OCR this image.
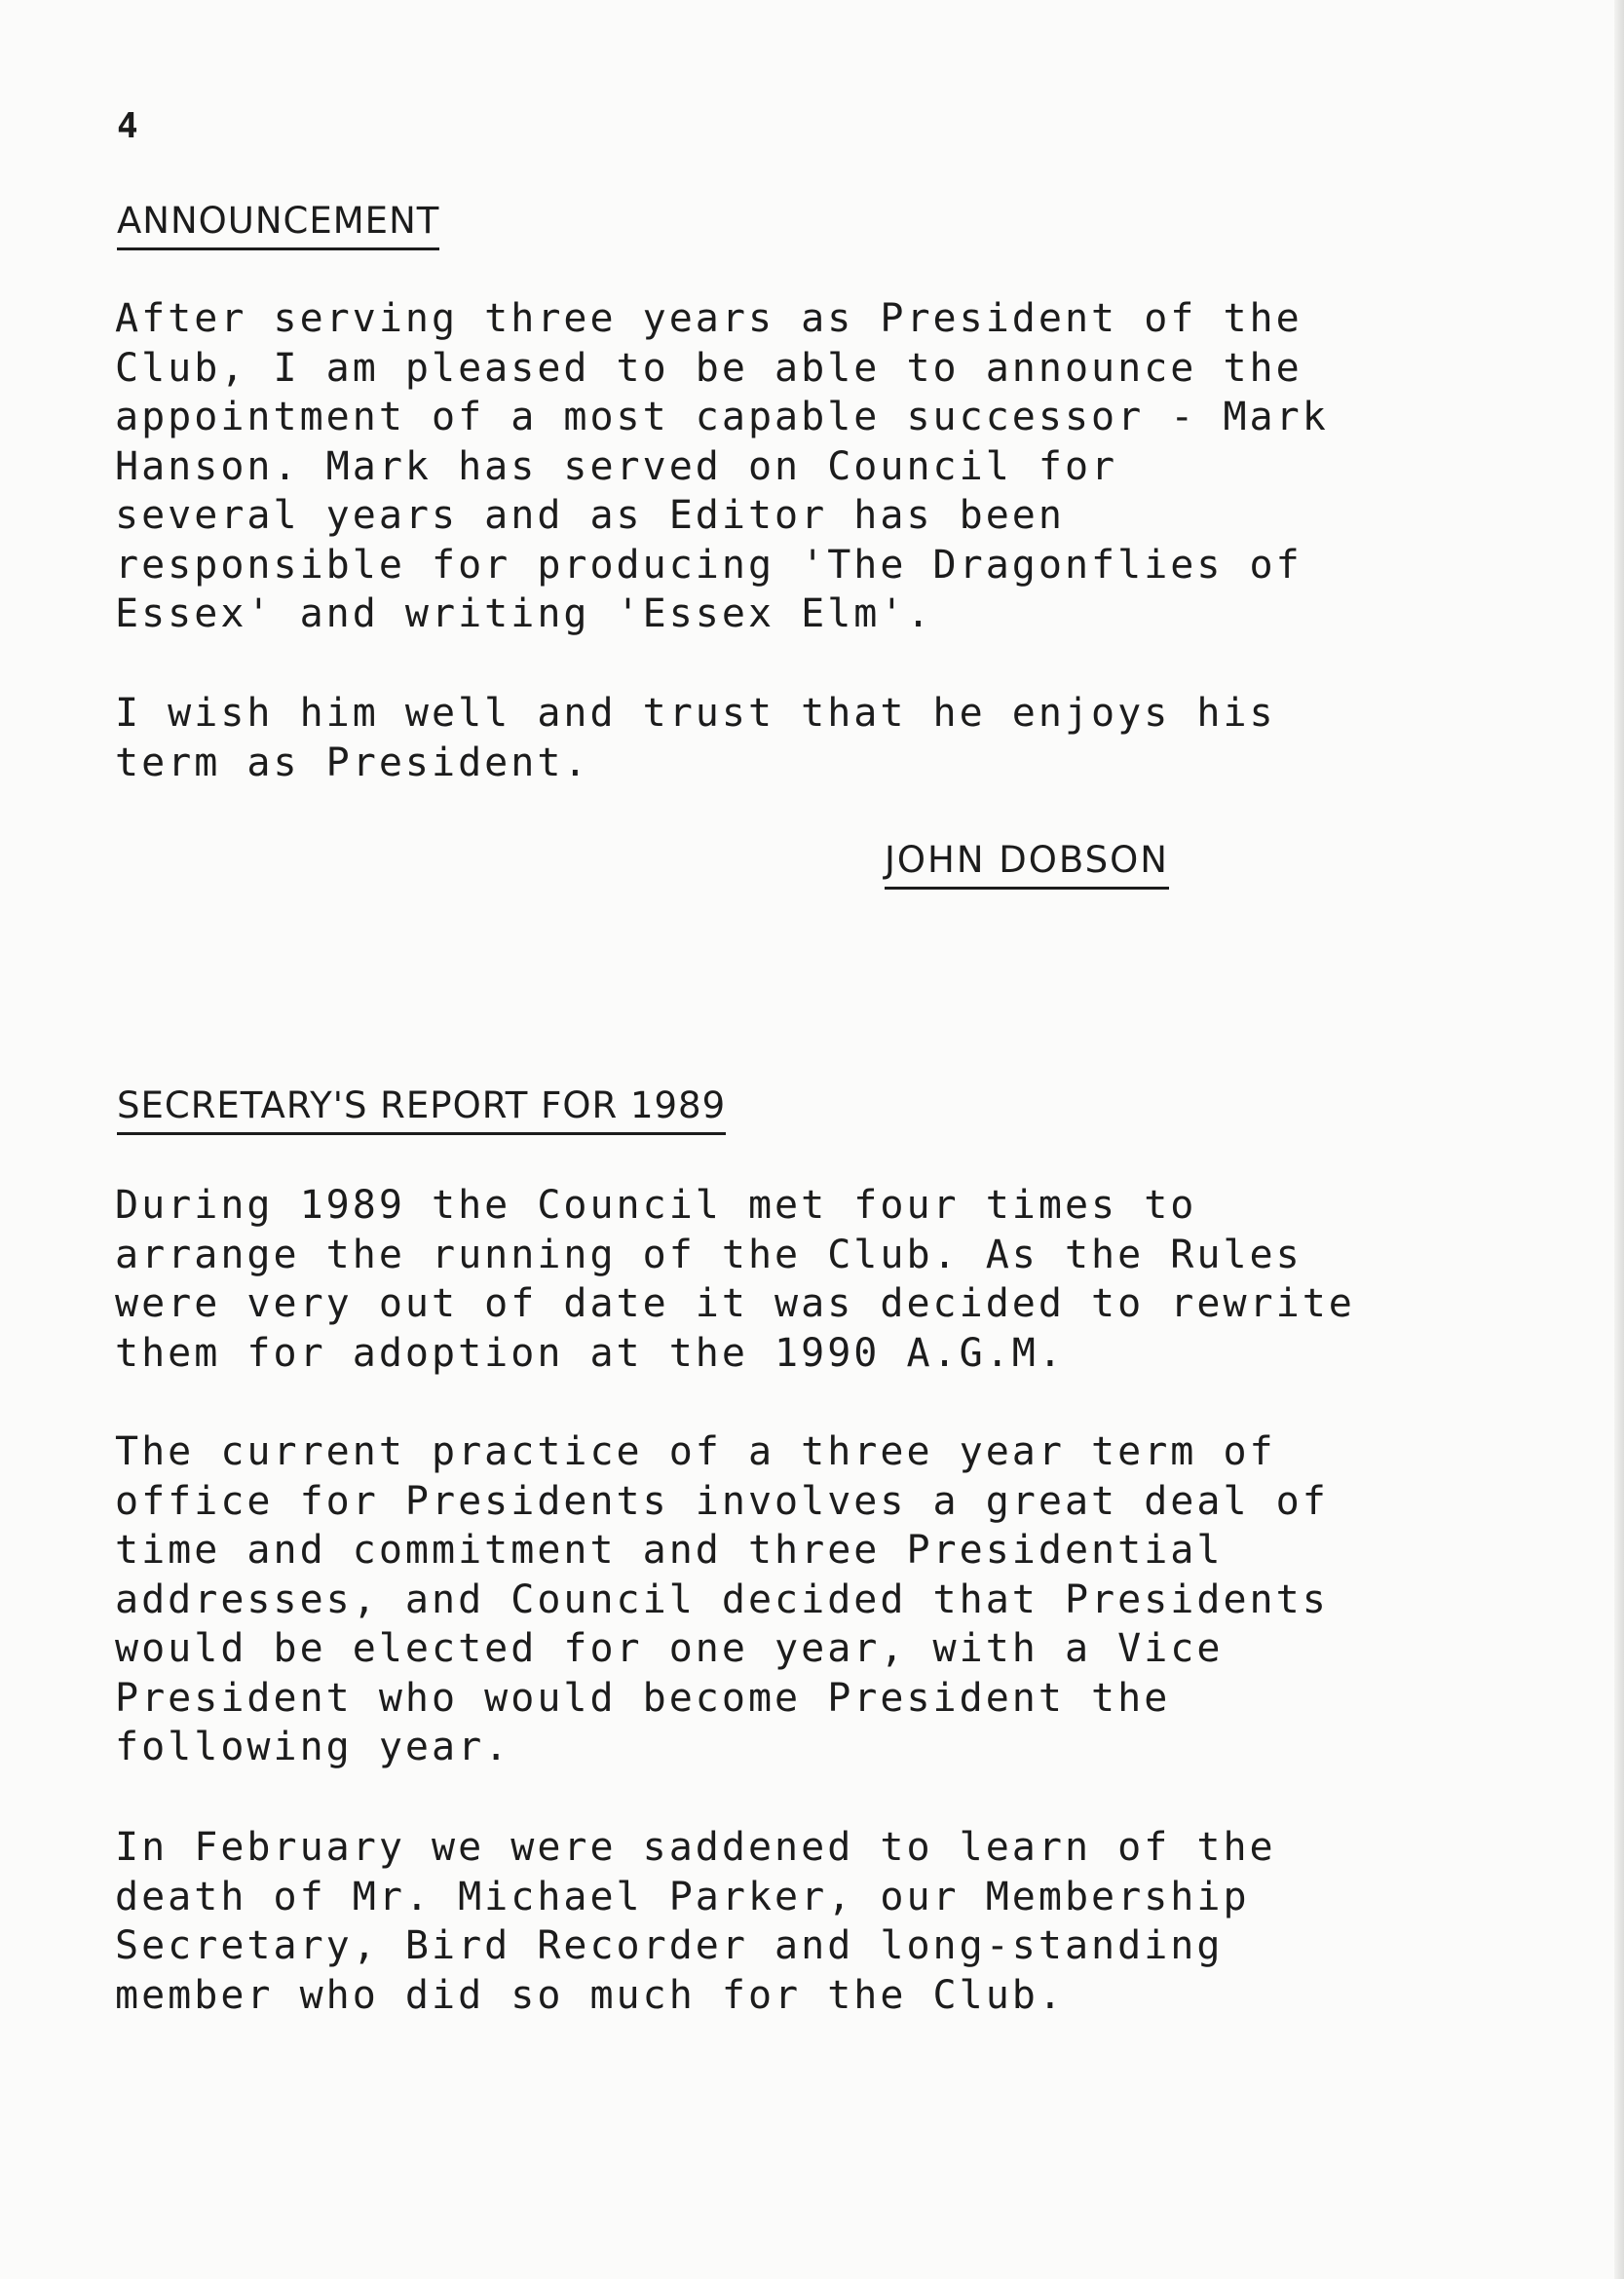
4
ANNOUNCEMENT

After serving three years as President of the
Club, I am pleased to be able to announce the
appointment of a most capable successor - Mark
Hanson. Mark has served on Council for
several years and as Editor has been
responsible for producing 'The Dragonflies of
Essex' and writing 'Essex Elm'.

I wish him well and trust that he enjoys his
term as President.

JOHN DOBSON
SECRETARY'S REPORT FOR 1989

During 1989 the Council met four times to
arrange the running of the Club. As the Rules
were very out of date it was decided to rewrite
them for adoption at the 1990 A.G.M.

The current practice of a three year term of
office for Presidents involves a great deal of
time and commitment and three Presidential
addresses, and Council decided that Presidents
would be elected for one year, with a Vice
President who would become President the
following year.

In February we were saddened to learn of the
death of Mr. Michael Parker, our Membership
Secretary, Bird Recorder and long-standing
member who did so much for the Club.
